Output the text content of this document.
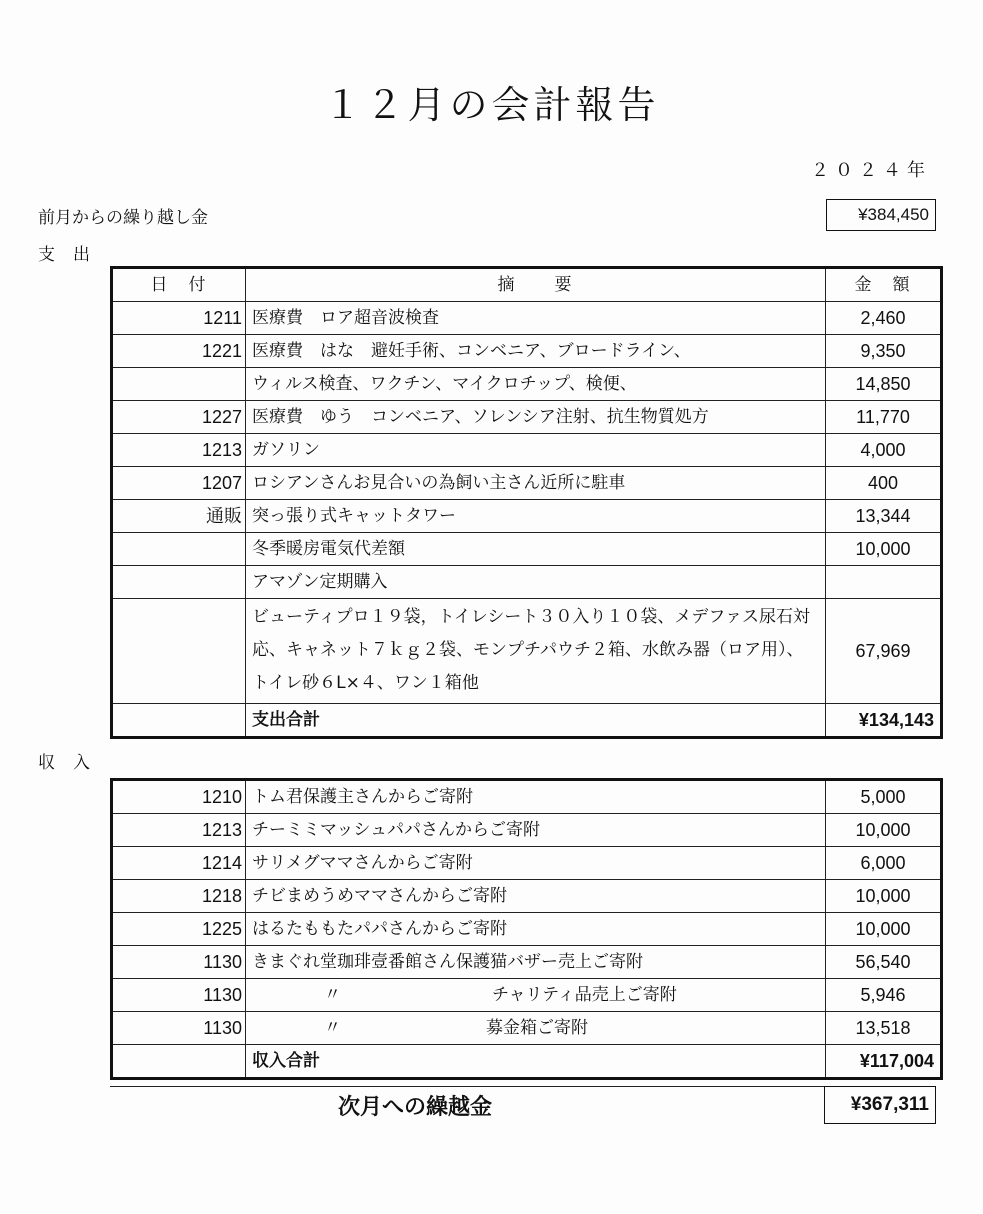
１２月の会計報告
２０２４年
前月からの繰り越し金	¥384,450
支出
日　付	摘　　要	金　額
1211	医療費　ロア超音波検査	2,460
1221	医療費　はな　避妊手術、コンベニア、ブロードライン、	9,350
	ウィルス検査、ワクチン、マイクロチップ、検便、	14,850
1227	医療費　ゆう　コンベニア、ソレンシア注射、抗生物質処方	11,770
1213	ガソリン	4,000
1207	ロシアンさんお見合いの為飼い主さん近所に駐車	400
通販	突っ張り式キャットタワー	13,344
	冬季暖房電気代差額	10,000
	アマゾン定期購入	
	ビューティプロ１９袋，トイレシート３０入り１０袋、メデファス尿石対応、キャネット７ｋｇ２袋、モンプチパウチ２箱、水飲み器（ロア用）、トイレ砂６L×４、ワン１箱他	67,969
	支出合計	¥134,143
収入
1210	トム君保護主さんからご寄附	5,000
1213	チーミミマッシュパパさんからご寄附	10,000
1214	サリメグママさんからご寄附	6,000
1218	チビまめうめママさんからご寄附	10,000
1225	はるたももたパパさんからご寄附	10,000
1130	きまぐれ堂珈琲壹番館さん保護猫バザー売上ご寄附	56,540
1130	〃 チャリティ品売上ご寄附	5,946
1130	〃 募金箱ご寄附	13,518
	収入合計	¥117,004
次月への繰越金	¥367,311
